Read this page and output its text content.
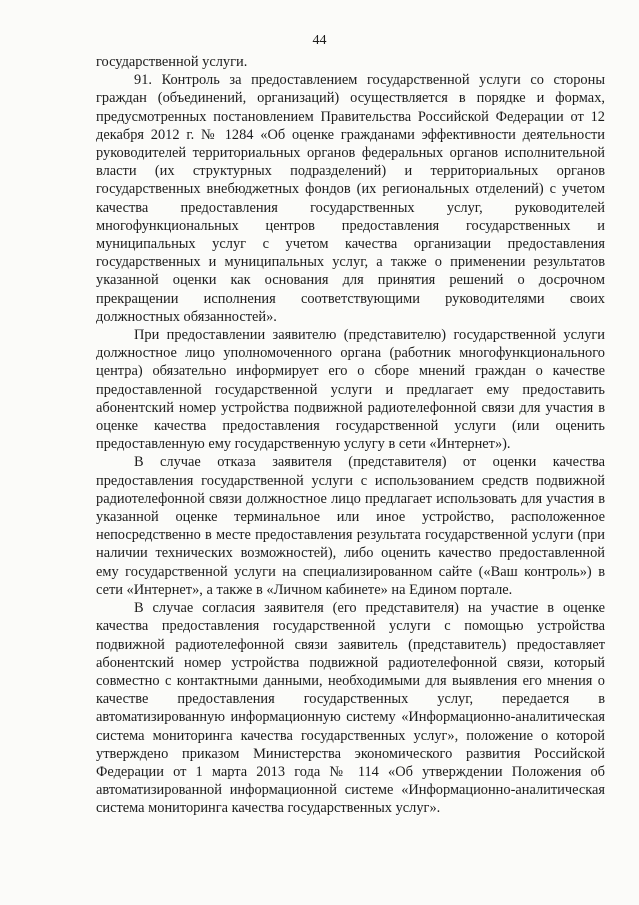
44

государственной услуги.

91. Контроль за предоставлением государственной услуги со стороны граждан (объединений, организаций) осуществляется в порядке и формах, предусмотренных постановлением Правительства Российской Федерации от 12 декабря 2012 г. № 1284 «Об оценке гражданами эффективности деятельности руководителей территориальных органов федеральных органов исполнительной власти (их структурных подразделений) и территориальных органов государственных внебюджетных фондов (их региональных отделений) с учетом качества предоставления государственных услуг, руководителей многофункциональных центров предоставления государственных и муниципальных услуг с учетом качества организации предоставления государственных и муниципальных услуг, а также о применении результатов указанной оценки как основания для принятия решений о досрочном прекращении исполнения соответствующими руководителями своих должностных обязанностей».

При предоставлении заявителю (представителю) государственной услуги должностное лицо уполномоченного органа (работник многофункционального центра) обязательно информирует его о сборе мнений граждан о качестве предоставленной государственной услуги и предлагает ему предоставить абонентский номер устройства подвижной радиотелефонной связи для участия в оценке качества предоставления государственной услуги (или оценить предоставленную ему государственную услугу в сети «Интернет»).

В случае отказа заявителя (представителя) от оценки качества предоставления государственной услуги с использованием средств подвижной радиотелефонной связи должностное лицо предлагает использовать для участия в указанной оценке терминальное или иное устройство, расположенное непосредственно в месте предоставления результата государственной услуги (при наличии технических возможностей), либо оценить качество предоставленной ему государственной услуги на специализированном сайте («Ваш контроль») в сети «Интернет», а также в «Личном кабинете» на Едином портале.

В случае согласия заявителя (его представителя) на участие в оценке качества предоставления государственной услуги с помощью устройства подвижной радиотелефонной связи заявитель (представитель) предоставляет абонентский номер устройства подвижной радиотелефонной связи, который совместно с контактными данными, необходимыми для выявления его мнения о качестве предоставления государственных услуг, передается в автоматизированную информационную систему «Информационно-аналитическая система мониторинга качества государственных услуг», положение о которой утверждено приказом Министерства экономического развития Российской Федерации от 1 марта 2013 года № 114 «Об утверждении Положения об автоматизированной информационной системе «Информационно-аналитическая система мониторинга качества государственных услуг».
